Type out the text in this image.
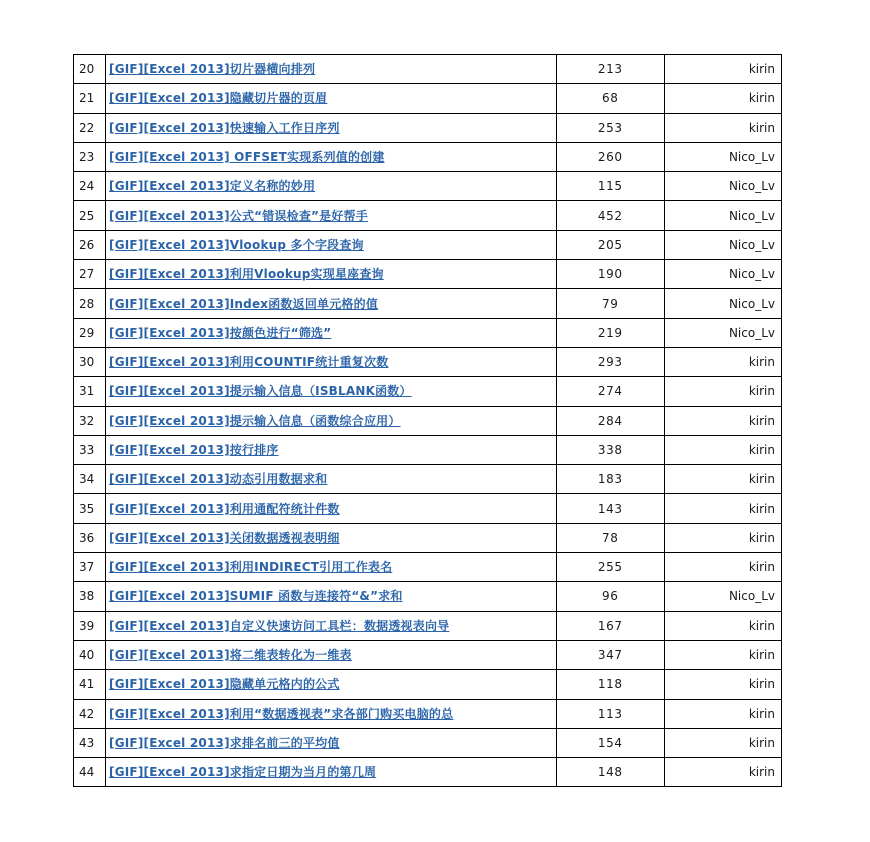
20	[GIF][Excel 2013]切片器横向排列	213	kirin
21	[GIF][Excel 2013]隐藏切片器的页眉	68	kirin
22	[GIF][Excel 2013]快速输入工作日序列	253	kirin
23	[GIF][Excel 2013] OFFSET实现系列值的创建	260	Nico_Lv
24	[GIF][Excel 2013]定义名称的妙用	115	Nico_Lv
25	[GIF][Excel 2013]公式“错误检查”是好帮手	452	Nico_Lv
26	[GIF][Excel 2013]Vlookup 多个字段查询	205	Nico_Lv
27	[GIF][Excel 2013]利用Vlookup实现星座查询	190	Nico_Lv
28	[GIF][Excel 2013]Index函数返回单元格的值	79	Nico_Lv
29	[GIF][Excel 2013]按颜色进行“筛选”	219	Nico_Lv
30	[GIF][Excel 2013]利用COUNTIF统计重复次数	293	kirin
31	[GIF][Excel 2013]提示输入信息（ISBLANK函数）	274	kirin
32	[GIF][Excel 2013]提示输入信息（函数综合应用）	284	kirin
33	[GIF][Excel 2013]按行排序	338	kirin
34	[GIF][Excel 2013]动态引用数据求和	183	kirin
35	[GIF][Excel 2013]利用通配符统计件数	143	kirin
36	[GIF][Excel 2013]关闭数据透视表明细	78	kirin
37	[GIF][Excel 2013]利用INDIRECT引用工作表名	255	kirin
38	[GIF][Excel 2013]SUMIF 函数与连接符“&”求和	96	Nico_Lv
39	[GIF][Excel 2013]自定义快速访问工具栏：数据透视表向导	167	kirin
40	[GIF][Excel 2013]将二维表转化为一维表	347	kirin
41	[GIF][Excel 2013]隐藏单元格内的公式	118	kirin
42	[GIF][Excel 2013]利用“数据透视表”求各部门购买电脑的总	113	kirin
43	[GIF][Excel 2013]求排名前三的平均值	154	kirin
44	[GIF][Excel 2013]求指定日期为当月的第几周	148	kirin
